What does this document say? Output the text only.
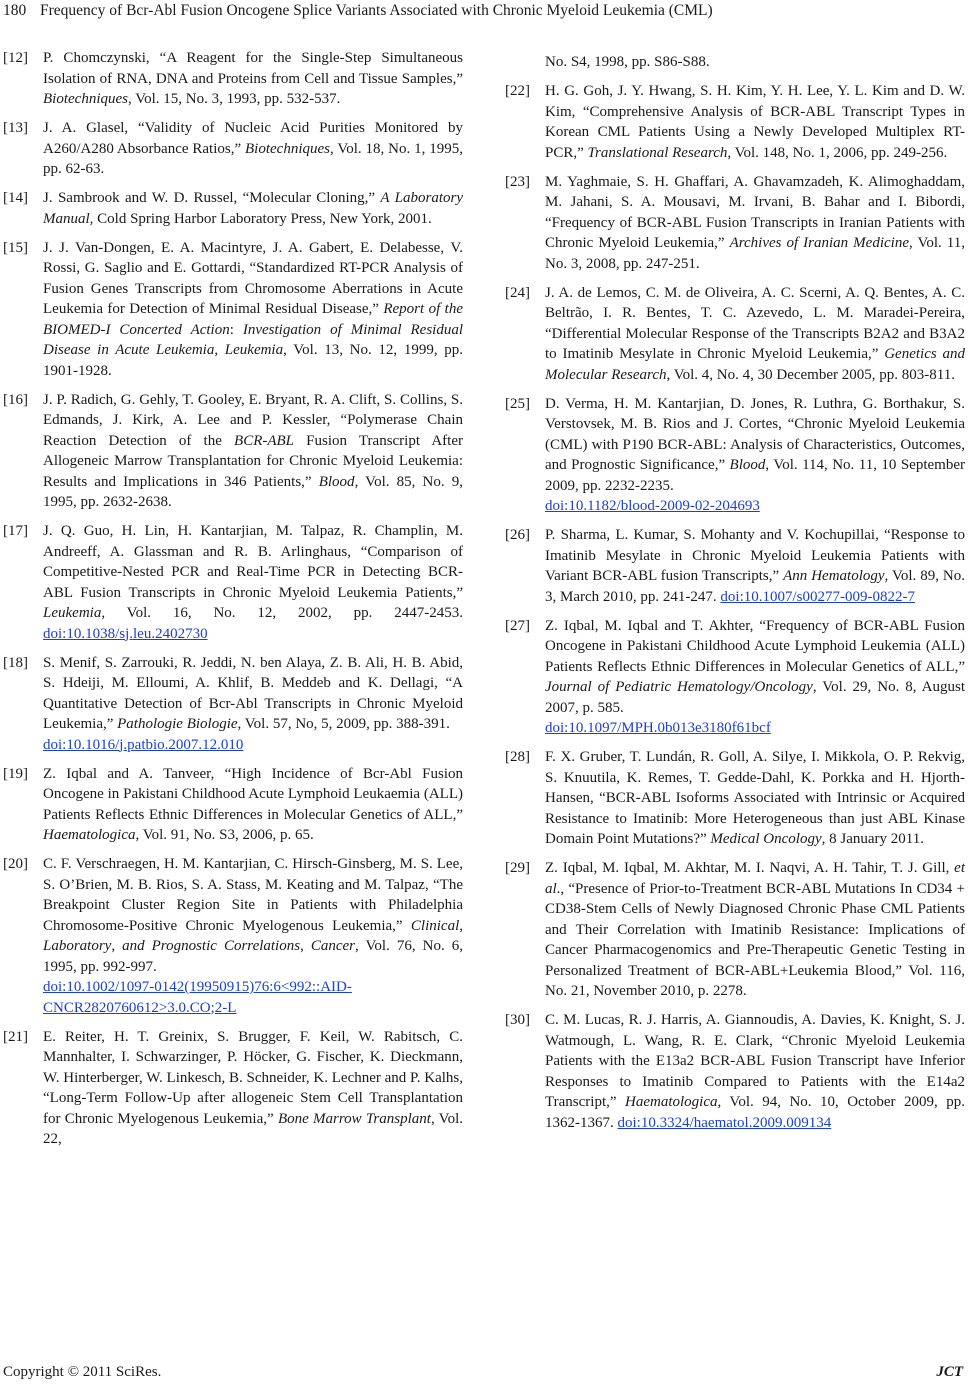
180 Frequency of Bcr-Abl Fusion Oncogene Splice Variants Associated with Chronic Myeloid Leukemia (CML)
[12]	P. Chomczynski, “A Reagent for the Single-Step Simultaneous Isolation of RNA, DNA and Proteins from Cell and Tissue Samples,” Biotechniques, Vol. 15, No. 3, 1993, pp. 532-537.
[13]	J. A. Glasel, “Validity of Nucleic Acid Purities Monitored by A260/A280 Absorbance Ratios,” Biotechniques, Vol. 18, No. 1, 1995, pp. 62-63.
[14]	J. Sambrook and W. D. Russel, “Molecular Cloning,” A Laboratory Manual, Cold Spring Harbor Laboratory Press, New York, 2001.
[15]	J. J. Van-Dongen, E. A. Macintyre, J. A. Gabert, E. Delabesse, V. Rossi, G. Saglio and E. Gottardi, “Standardized RT-PCR Analysis of Fusion Genes Transcripts from Chromosome Aberrations in Acute Leukemia for Detection of Minimal Residual Disease,” Report of the BIOMED-I Concerted Action: Investigation of Minimal Residual Disease in Acute Leukemia, Leukemia, Vol. 13, No. 12, 1999, pp. 1901-1928.
[16]	J. P. Radich, G. Gehly, T. Gooley, E. Bryant, R. A. Clift, S. Collins, S. Edmands, J. Kirk, A. Lee and P. Kessler, “Polymerase Chain Reaction Detection of the BCR-ABL Fusion Transcript After Allogeneic Marrow Transplantation for Chronic Myeloid Leukemia: Results and Implications in 346 Patients,” Blood, Vol. 85, No. 9, 1995, pp. 2632-2638.
[17]	J. Q. Guo, H. Lin, H. Kantarjian, M. Talpaz, R. Champlin, M. Andreeff, A. Glassman and R. B. Arlinghaus, “Comparison of Competitive-Nested PCR and Real-Time PCR in Detecting BCR-ABL Fusion Transcripts in Chronic Myeloid Leukemia Patients,” Leukemia, Vol. 16, No. 12, 2002, pp. 2447-2453. doi:10.1038/sj.leu.2402730
[18]	S. Menif, S. Zarrouki, R. Jeddi, N. ben Alaya, Z. B. Ali, H. B. Abid, S. Hdeiji, M. Elloumi, A. Khlif, B. Meddeb and K. Dellagi, “A Quantitative Detection of Bcr-Abl Transcripts in Chronic Myeloid Leukemia,” Pathologie Biologie, Vol. 57, No, 5, 2009, pp. 388-391.
doi:10.1016/j.patbio.2007.12.010
[19]	Z. Iqbal and A. Tanveer, “High Incidence of Bcr-Abl Fusion Oncogene in Pakistani Childhood Acute Lymphoid Leukaemia (ALL) Patients Reflects Ethnic Differences in Molecular Genetics of ALL,” Haematologica, Vol. 91, No. S3, 2006, p. 65.
[20]	C. F. Verschraegen, H. M. Kantarjian, C. Hirsch-Ginsberg, M. S. Lee, S. O’Brien, M. B. Rios, S. A. Stass, M. Keating and M. Talpaz, “The Breakpoint Cluster Region Site in Patients with Philadelphia Chromosome-Positive Chronic Myelogenous Leukemia,” Clinical, Laboratory, and Prognostic Correlations, Cancer, Vol. 76, No. 6, 1995, pp. 992-997.
doi:10.1002/1097-0142(19950915)76:6<992::AID-CNCR2820760612>3.0.CO;2-L
[21]	E. Reiter, H. T. Greinix, S. Brugger, F. Keil, W. Rabitsch, C. Mannhalter, I. Schwarzinger, P. Höcker, G. Fischer, K. Dieckmann, W. Hinterberger, W. Linkesch, B. Schneider, K. Lechner and P. Kalhs, “Long-Term Follow-Up after allogeneic Stem Cell Transplantation for Chronic Myelogenous Leukemia,” Bone Marrow Transplant, Vol. 22,
No. S4, 1998, pp. S86-S88.
[22]	H. G. Goh, J. Y. Hwang, S. H. Kim, Y. H. Lee, Y. L. Kim and D. W. Kim, “Comprehensive Analysis of BCR-ABL Transcript Types in Korean CML Patients Using a Newly Developed Multiplex RT-PCR,” Translational Research, Vol. 148, No. 1, 2006, pp. 249-256.
[23]	M. Yaghmaie, S. H. Ghaffari, A. Ghavamzadeh, K. Alimoghaddam, M. Jahani, S. A. Mousavi, M. Irvani, B. Bahar and I. Bibordi, “Frequency of BCR-ABL Fusion Transcripts in Iranian Patients with Chronic Myeloid Leukemia,” Archives of Iranian Medicine, Vol. 11, No. 3, 2008, pp. 247-251.
[24]	J. A. de Lemos, C. M. de Oliveira, A. C. Scerni, A. Q. Bentes, A. C. Beltrão, I. R. Bentes, T. C. Azevedo, L. M. Maradei-Pereira, “Differential Molecular Response of the Transcripts B2A2 and B3A2 to Imatinib Mesylate in Chronic Myeloid Leukemia,” Genetics and Molecular Research, Vol. 4, No. 4, 30 December 2005, pp. 803-811.
[25]	D. Verma, H. M. Kantarjian, D. Jones, R. Luthra, G. Borthakur, S. Verstovsek, M. B. Rios and J. Cortes, “Chronic Myeloid Leukemia (CML) with P190 BCR-ABL: Analysis of Characteristics, Outcomes, and Prognostic Significance,” Blood, Vol. 114, No. 11, 10 September 2009, pp. 2232-2235.
doi:10.1182/blood-2009-02-204693
[26]	P. Sharma, L. Kumar, S. Mohanty and V. Kochupillai, “Response to Imatinib Mesylate in Chronic Myeloid Leukemia Patients with Variant BCR-ABL fusion Transcripts,” Ann Hematology, Vol. 89, No. 3, March 2010, pp. 241-247. doi:10.1007/s00277-009-0822-7
[27]	Z. Iqbal, M. Iqbal and T. Akhter, “Frequency of BCR-ABL Fusion Oncogene in Pakistani Childhood Acute Lymphoid Leukemia (ALL) Patients Reflects Ethnic Differences in Molecular Genetics of ALL,” Journal of Pediatric Hematology/Oncology, Vol. 29, No. 8, August 2007, p. 585.
doi:10.1097/MPH.0b013e3180f61bcf
[28]	F. X. Gruber, T. Lundán, R. Goll, A. Silye, I. Mikkola, O. P. Rekvig, S. Knuutila, K. Remes, T. Gedde-Dahl, K. Porkka and H. Hjorth-Hansen, “BCR-ABL Isoforms Associated with Intrinsic or Acquired Resistance to Imatinib: More Heterogeneous than just ABL Kinase Domain Point Mutations?” Medical Oncology, 8 January 2011.
[29]	Z. Iqbal, M. Iqbal, M. Akhtar, M. I. Naqvi, A. H. Tahir, T. J. Gill, et al., “Presence of Prior-to-Treatment BCR-ABL Mutations In CD34 + CD38-Stem Cells of Newly Diagnosed Chronic Phase CML Patients and Their Correlation with Imatinib Resistance: Implications of Cancer Pharmacogenomics and Pre-Therapeutic Genetic Testing in Personalized Treatment of BCR-ABL+Leukemia Blood,” Vol. 116, No. 21, November 2010, p. 2278.
[30]	C. M. Lucas, R. J. Harris, A. Giannoudis, A. Davies, K. Knight, S. J. Watmough, L. Wang, R. E. Clark, “Chronic Myeloid Leukemia Patients with the E13a2 BCR-ABL Fusion Transcript have Inferior Responses to Imatinib Compared to Patients with the E14a2 Transcript,” Haematologica, Vol. 94, No. 10, October 2009, pp. 1362-1367. doi:10.3324/haematol.2009.009134
Copyright © 2011 SciRes.	JCT
